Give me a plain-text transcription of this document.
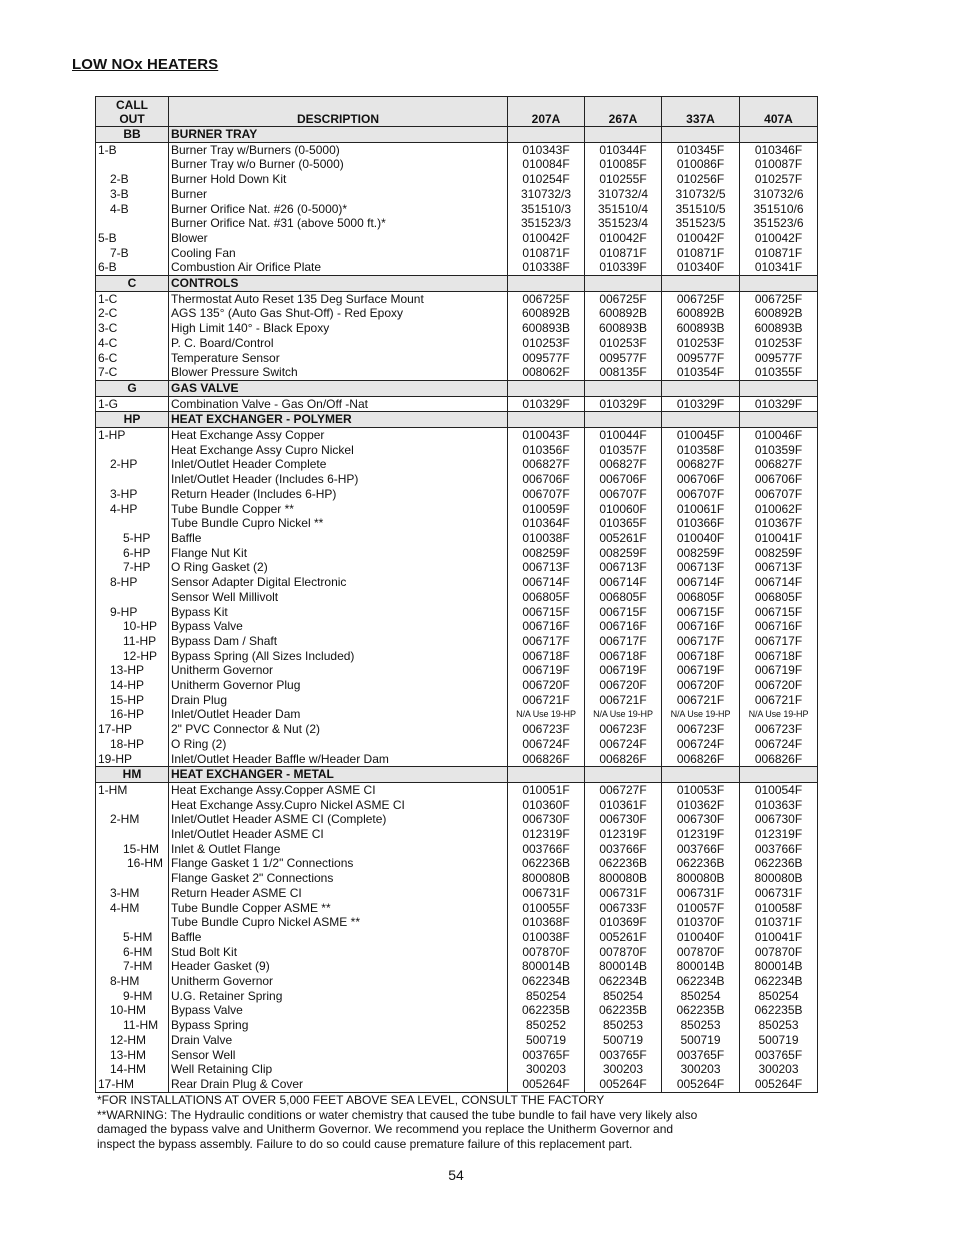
LOW NOx HEATERS
CALL
OUT	DESCRIPTION	207A	267A	337A	407A
BB	BURNER TRAY				
1-B	Burner Tray w/Burners (0-5000)	010343F	010344F	010345F	010346F
	Burner Tray w/o Burner (0-5000)	010084F	010085F	010086F	010087F
2-B	Burner Hold Down Kit	010254F	010255F	010256F	010257F
3-B	Burner	310732/3	310732/4	310732/5	310732/6
4-B	Burner Orifice Nat. #26 (0-5000)*	351510/3	351510/4	351510/5	351510/6
	Burner Orifice Nat. #31 (above 5000 ft.)*	351523/3	351523/4	351523/5	351523/6
5-B	Blower	010042F	010042F	010042F	010042F
7-B	Cooling Fan	010871F	010871F	010871F	010871F
6-B	Combustion Air Orifice Plate	010338F	010339F	010340F	010341F
C	CONTROLS				
1-C	Thermostat Auto Reset 135 Deg Surface Mount	006725F	006725F	006725F	006725F
2-C	AGS 135° (Auto Gas Shut-Off) - Red Epoxy	600892B	600892B	600892B	600892B
3-C	High Limit 140° - Black Epoxy	600893B	600893B	600893B	600893B
4-C	P. C. Board/Control	010253F	010253F	010253F	010253F
6-C	Temperature Sensor	009577F	009577F	009577F	009577F
7-C	Blower Pressure Switch	008062F	008135F	010354F	010355F
G	GAS VALVE				
1-G	Combination Valve - Gas On/Off -Nat	010329F	010329F	010329F	010329F
HP	HEAT EXCHANGER - POLYMER				
1-HP	Heat Exchange Assy Copper	010043F	010044F	010045F	010046F
	Heat Exchange Assy Cupro Nickel	010356F	010357F	010358F	010359F
2-HP	Inlet/Outlet Header Complete	006827F	006827F	006827F	006827F
	Inlet/Outlet Header (Includes 6-HP)	006706F	006706F	006706F	006706F
3-HP	Return Header (Includes 6-HP)	006707F	006707F	006707F	006707F
4-HP	Tube Bundle Copper **	010059F	010060F	010061F	010062F
	Tube Bundle Cupro Nickel **	010364F	010365F	010366F	010367F
5-HP	Baffle	010038F	005261F	010040F	010041F
6-HP	Flange Nut Kit	008259F	008259F	008259F	008259F
7-HP	O Ring Gasket (2)	006713F	006713F	006713F	006713F
8-HP	Sensor Adapter Digital Electronic	006714F	006714F	006714F	006714F
	Sensor Well Millivolt	006805F	006805F	006805F	006805F
9-HP	Bypass Kit	006715F	006715F	006715F	006715F
10-HP	Bypass Valve	006716F	006716F	006716F	006716F
11-HP	Bypass Dam / Shaft	006717F	006717F	006717F	006717F
12-HP	Bypass Spring (All Sizes Included)	006718F	006718F	006718F	006718F
13-HP	Unitherm Governor	006719F	006719F	006719F	006719F
14-HP	Unitherm Governor Plug	006720F	006720F	006720F	006720F
15-HP	Drain Plug	006721F	006721F	006721F	006721F
16-HP	Inlet/Outlet Header Dam	N/A Use 19-HP	N/A Use 19-HP	N/A Use 19-HP	N/A Use 19-HP
17-HP	2" PVC Connector & Nut (2)	006723F	006723F	006723F	006723F
18-HP	O Ring (2)	006724F	006724F	006724F	006724F
19-HP	Inlet/Outlet Header Baffle w/Header Dam	006826F	006826F	006826F	006826F
HM	HEAT EXCHANGER - METAL				
1-HM	Heat Exchange Assy.Copper ASME CI	010051F	006727F	010053F	010054F
	Heat Exchange Assy.Cupro Nickel ASME CI	010360F	010361F	010362F	010363F
2-HM	Inlet/Outlet Header ASME CI (Complete)	006730F	006730F	006730F	006730F
	Inlet/Outlet Header ASME CI	012319F	012319F	012319F	012319F
15-HM	Inlet & Outlet Flange	003766F	003766F	003766F	003766F
16-HM	Flange Gasket 1 1/2" Connections	062236B	062236B	062236B	062236B
	Flange Gasket 2" Connections	800080B	800080B	800080B	800080B
3-HM	Return Header ASME CI	006731F	006731F	006731F	006731F
4-HM	Tube Bundle Copper ASME **	010055F	006733F	010057F	010058F
	Tube Bundle Cupro Nickel ASME **	010368F	010369F	010370F	010371F
5-HM	Baffle	010038F	005261F	010040F	010041F
6-HM	Stud Bolt Kit	007870F	007870F	007870F	007870F
7-HM	Header Gasket (9)	800014B	800014B	800014B	800014B
8-HM	Unitherm Governor	062234B	062234B	062234B	062234B
9-HM	U.G. Retainer Spring	850254	850254	850254	850254
10-HM	Bypass Valve	062235B	062235B	062235B	062235B
11-HM	Bypass Spring	850252	850253	850253	850253
12-HM	Drain Valve	500719	500719	500719	500719
13-HM	Sensor Well	003765F	003765F	003765F	003765F
14-HM	Well Retaining Clip	300203	300203	300203	300203
17-HM	Rear Drain Plug & Cover	005264F	005264F	005264F	005264F
*FOR INSTALLATIONS AT OVER 5,000 FEET ABOVE SEA LEVEL, CONSULT THE FACTORY
**WARNING: The Hydraulic conditions or water chemistry that caused the tube bundle to fail have very likely also
damaged the bypass valve and Unitherm Governor. We recommend you replace the Unitherm Governor and
inspect the bypass assembly. Failure to do so could cause premature failure of this replacement part.
54
